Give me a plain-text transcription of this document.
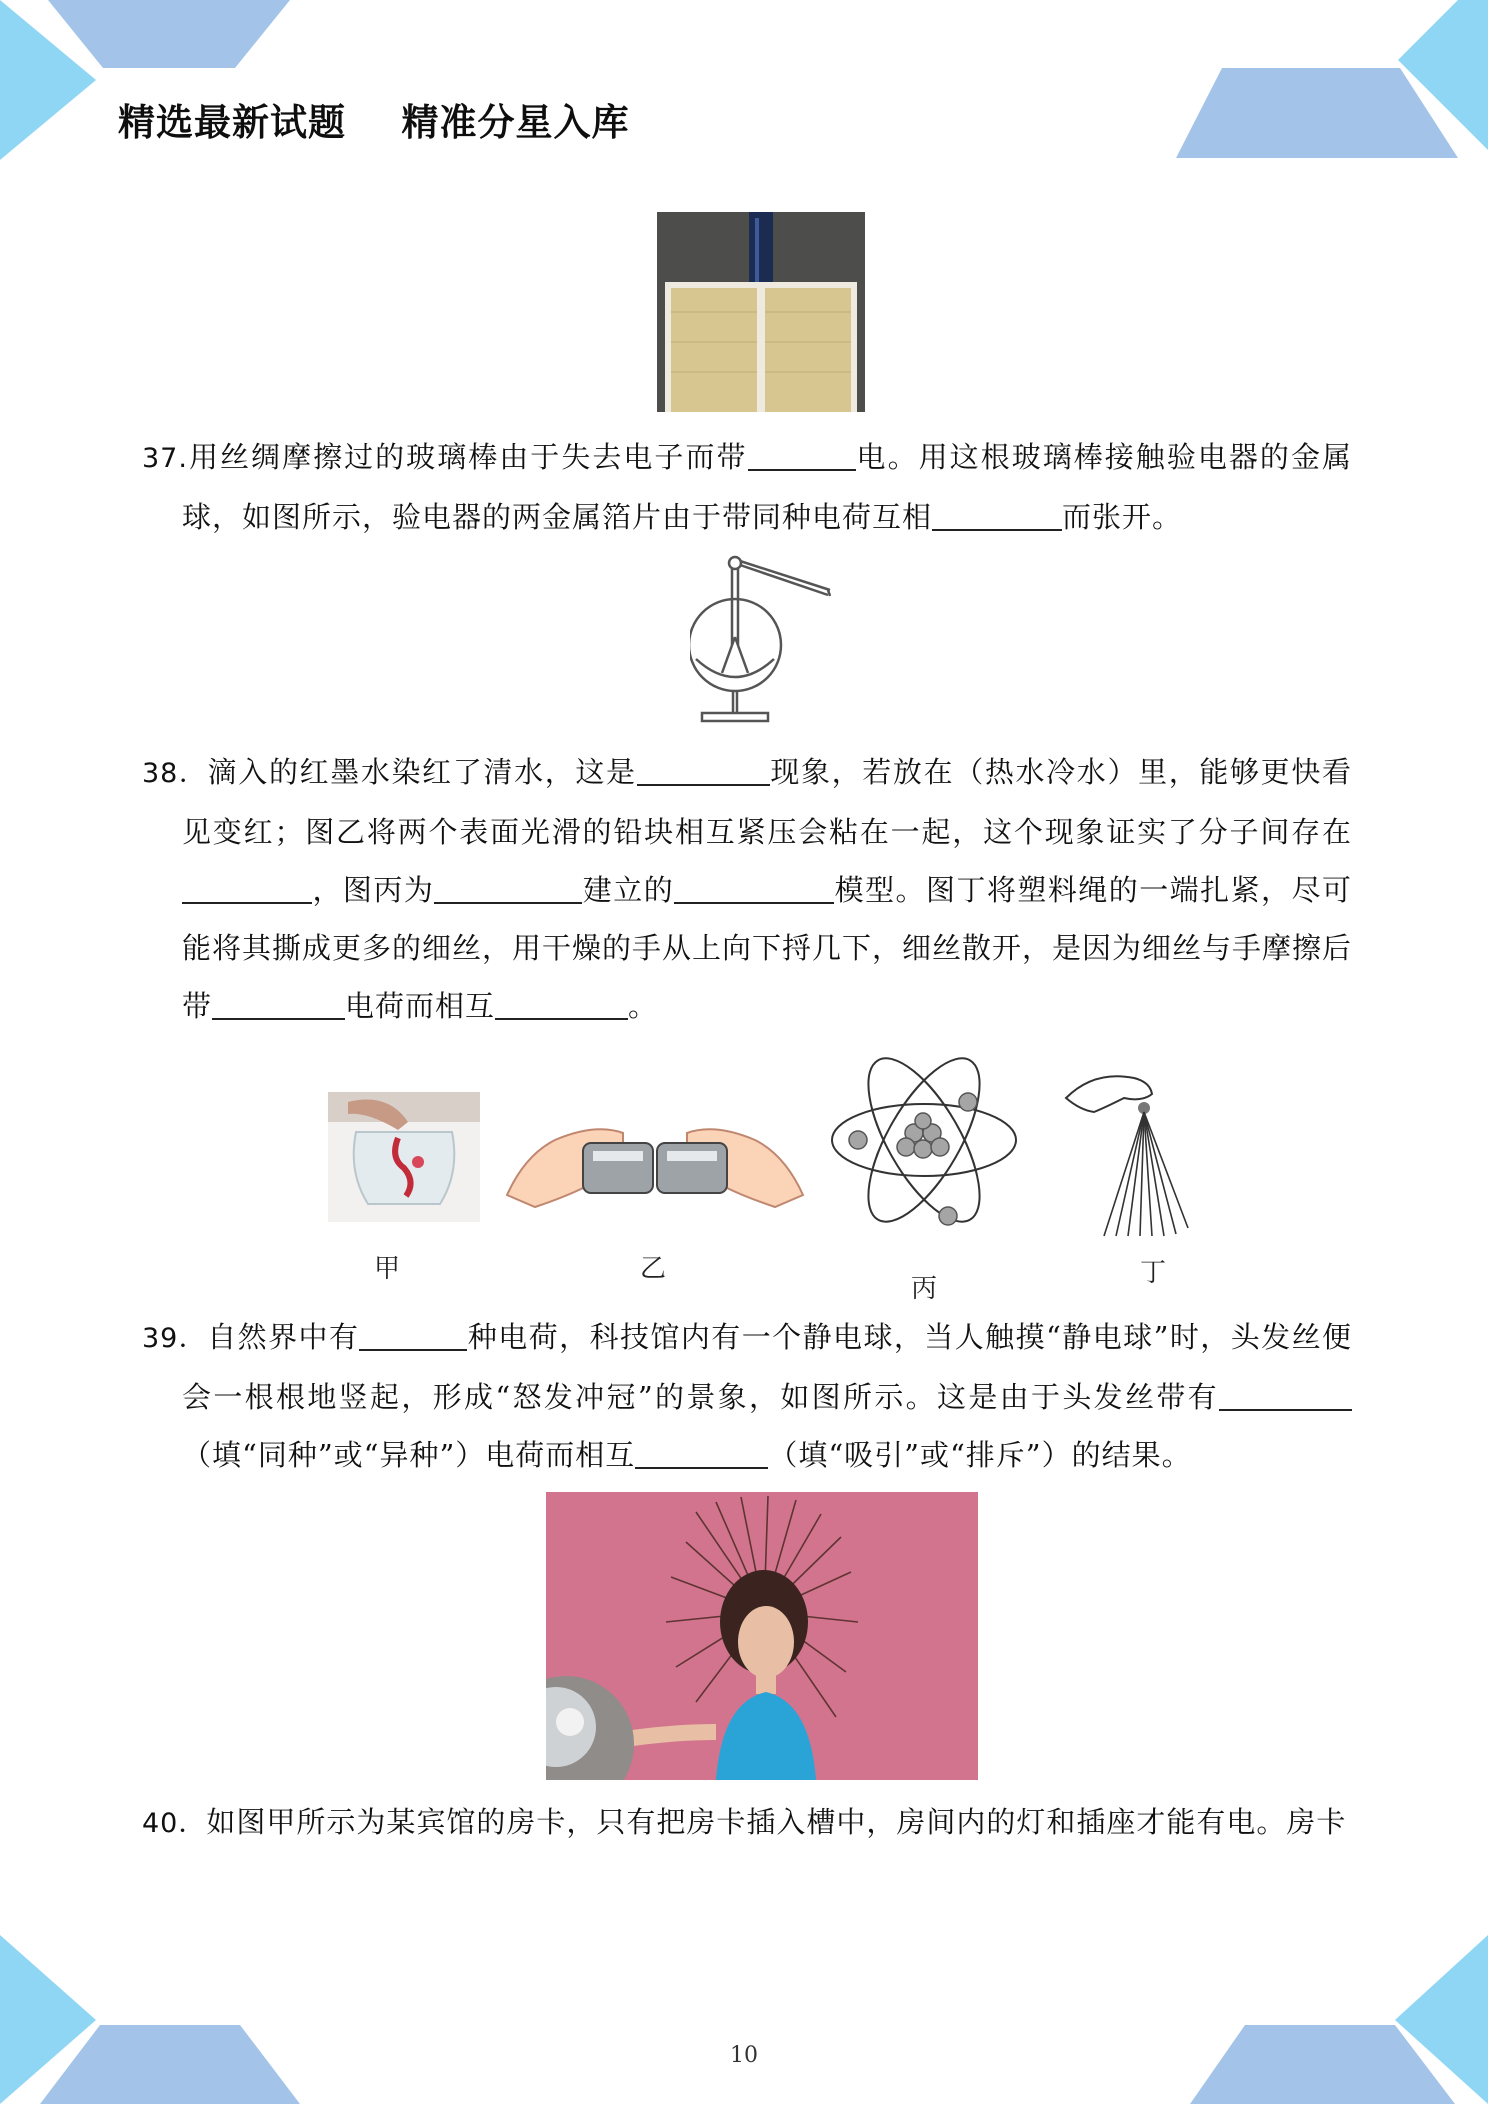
精选最新试题    精准分星入库

37.用丝绸摩擦过的玻璃棒由于失去电子而带	电。用这根玻璃棒接触验电器的金属球，如图所示，验电器的两金属箔片由于带同种电荷互相	而张开。

38．滴入的红墨水染红了清水，这是	现象，若放在（热水冷水）里，能够更快看见变红；图乙将两个表面光滑的铅块相互紧压会粘在一起，这个现象证实了分子间存在，图丙为	建立的	模型。图丁将塑料绳的一端扎紧，尽可能将其撕成更多的细丝，用干燥的手从上向下捋几下，细丝散开，是因为细丝与手摩擦后带	电荷而相互	。

甲	乙
丙
丁

39．自然界中有	种电荷，科技馆内有一个静电球，当人触摸“静电球”时，头发丝便会一根根地竖起，形成“怒发冲冠”的景象，如图所示。这是由于头发丝带有（填“同种”或“异种”）电荷而相互	（填“吸引”或“排斥”）的结果。

40．如图甲所示为某宾馆的房卡，只有把房卡插入槽中，房间内的灯和插座才能有电。房卡

10
